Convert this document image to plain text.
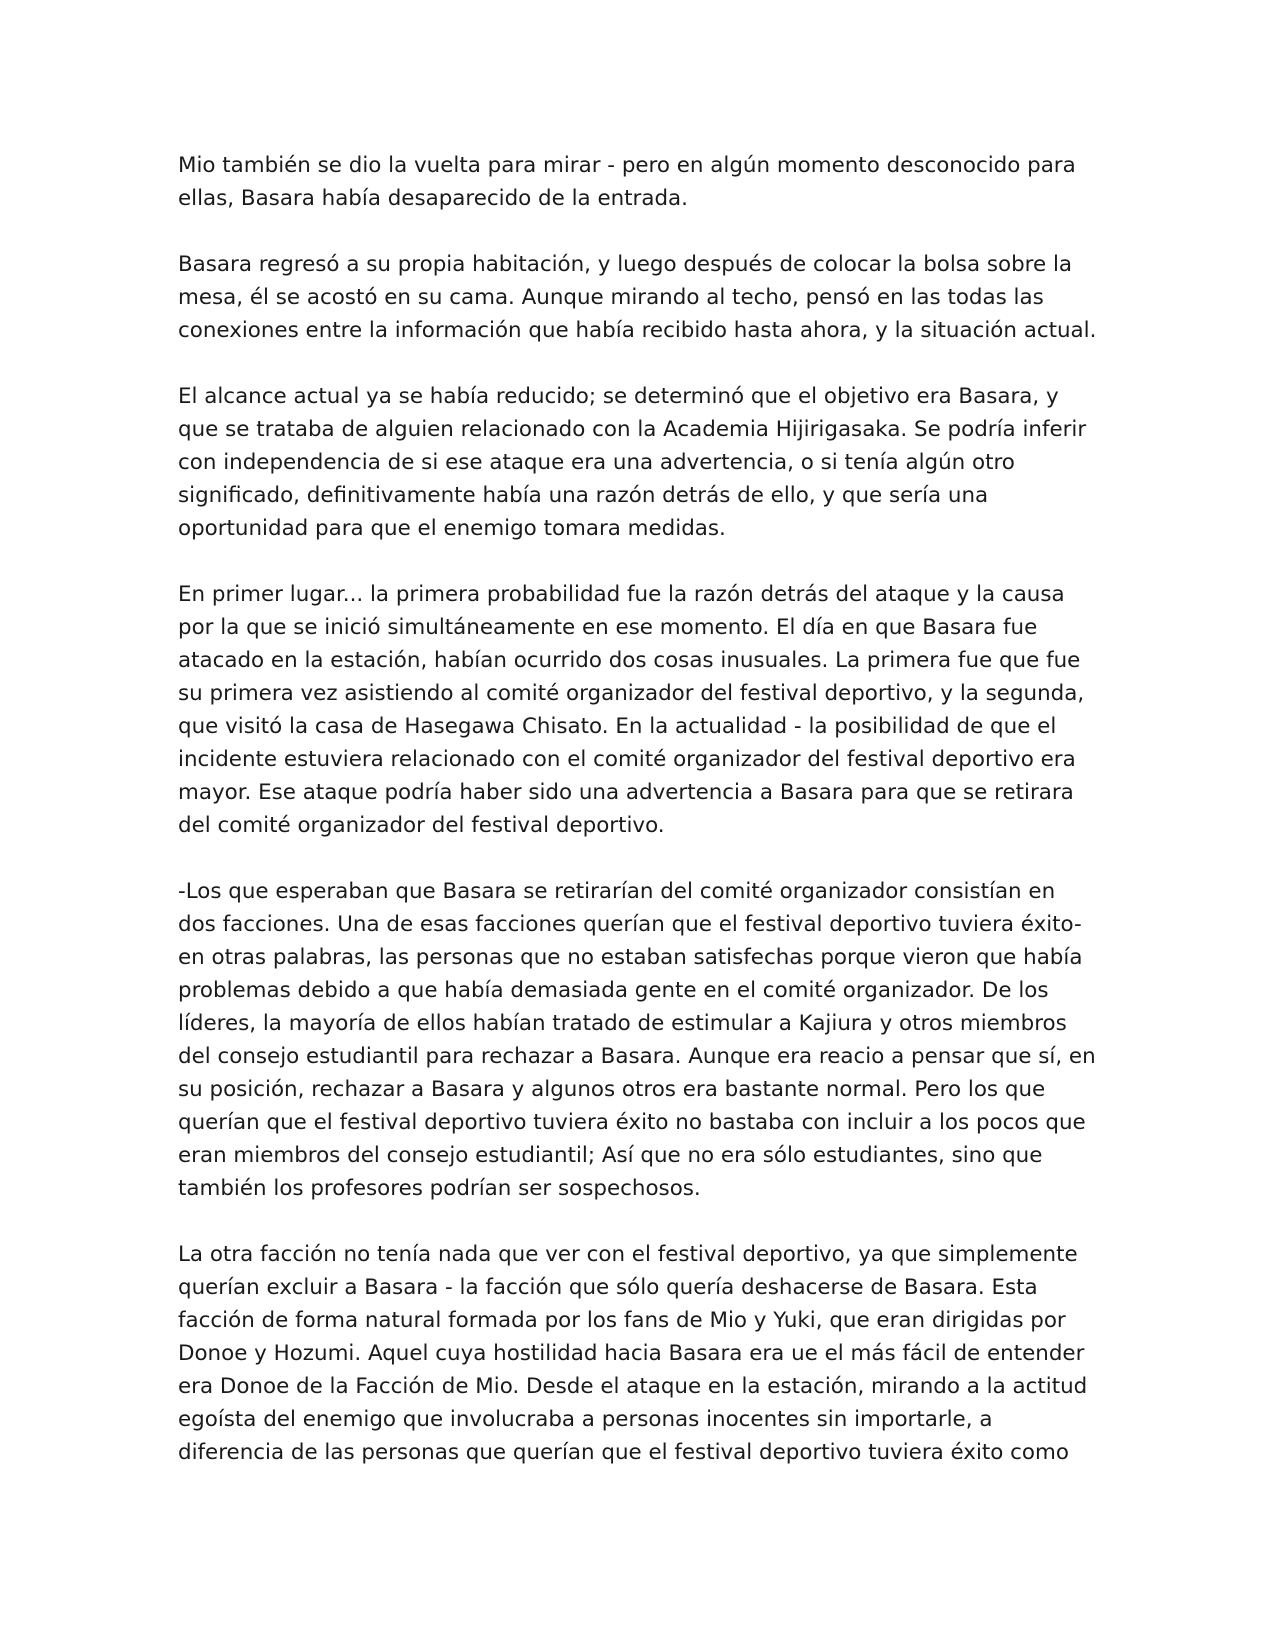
Mio también se dio la vuelta para mirar - pero en algún momento desconocido para ellas, Basara había desaparecido de la entrada.

Basara regresó a su propia habitación, y luego después de colocar la bolsa sobre la mesa, él se acostó en su cama. Aunque mirando al techo, pensó en las todas las conexiones entre la información que había recibido hasta ahora, y la situación actual.

El alcance actual ya se había reducido; se determinó que el objetivo era Basara, y que se trataba de alguien relacionado con la Academia Hijirigasaka. Se podría inferir con independencia de si ese ataque era una advertencia, o si tenía algún otro significado, definitivamente había una razón detrás de ello, y que sería una oportunidad para que el enemigo tomara medidas.

En primer lugar... la primera probabilidad fue la razón detrás del ataque y la causa por la que se inició simultáneamente en ese momento. El día en que Basara fue atacado en la estación, habían ocurrido dos cosas inusuales. La primera fue que fue su primera vez asistiendo al comité organizador del festival deportivo, y la segunda, que visitó la casa de Hasegawa Chisato. En la actualidad - la posibilidad de que el incidente estuviera relacionado con el comité organizador del festival deportivo era mayor. Ese ataque podría haber sido una advertencia a Basara para que se retirara del comité organizador del festival deportivo.

-Los que esperaban que Basara se retirarían del comité organizador consistían en dos facciones. Una de esas facciones querían que el festival deportivo tuviera éxito- en otras palabras, las personas que no estaban satisfechas porque vieron que había problemas debido a que había demasiada gente en el comité organizador. De los líderes, la mayoría de ellos habían tratado de estimular a Kajiura y otros miembros del consejo estudiantil para rechazar a Basara. Aunque era reacio a pensar que sí, en su posición, rechazar a Basara y algunos otros era bastante normal. Pero los que querían que el festival deportivo tuviera éxito no bastaba con incluir a los pocos que eran miembros del consejo estudiantil; Así que no era sólo estudiantes, sino que también los profesores podrían ser sospechosos.

La otra facción no tenía nada que ver con el festival deportivo, ya que simplemente querían excluir a Basara - la facción que sólo quería deshacerse de Basara. Esta facción de forma natural formada por los fans de Mio y Yuki, que eran dirigidas por Donoe y Hozumi. Aquel cuya hostilidad hacia Basara era ue el más fácil de entender era Donoe de la Facción de Mio. Desde el ataque en la estación, mirando a la actitud egoísta del enemigo que involucraba a personas inocentes sin importarle, a diferencia de las personas que querían que el festival deportivo tuviera éxito como
